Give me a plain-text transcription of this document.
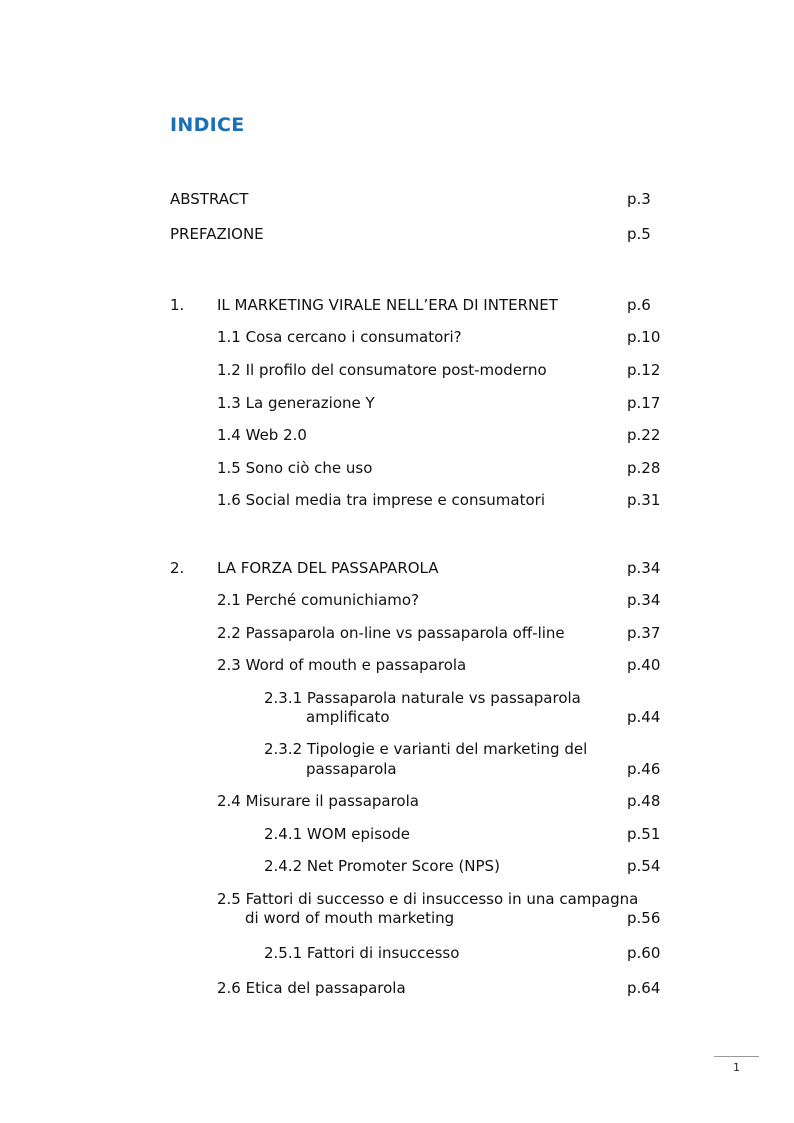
INDICE
ABSTRACT	p.3
PREFAZIONE	p.5
1. IL MARKETING VIRALE NELL’ERA DI INTERNET	p.6
1.1 Cosa cercano i consumatori?	p.10
1.2 Il profilo del consumatore post-moderno	p.12
1.3 La generazione Y	p.17
1.4 Web 2.0	p.22
1.5 Sono ciò che uso	p.28
1.6 Social media tra imprese e consumatori	p.31
2. LA FORZA DEL PASSAPAROLA	p.34
2.1 Perché comunichiamo?	p.34
2.2 Passaparola on-line vs passaparola off-line	p.37
2.3 Word of mouth e passaparola	p.40
2.3.1 Passaparola naturale vs passaparola
amplificato	p.44
2.3.2 Tipologie e varianti del marketing del
passaparola	p.46
2.4 Misurare il passaparola	p.48
2.4.1 WOM episode	p.51
2.4.2 Net Promoter Score (NPS)	p.54
2.5 Fattori di successo e di insuccesso in una campagna
di word of mouth marketing	p.56
2.5.1 Fattori di insuccesso	p.60
2.6 Etica del passaparola	p.64
1
